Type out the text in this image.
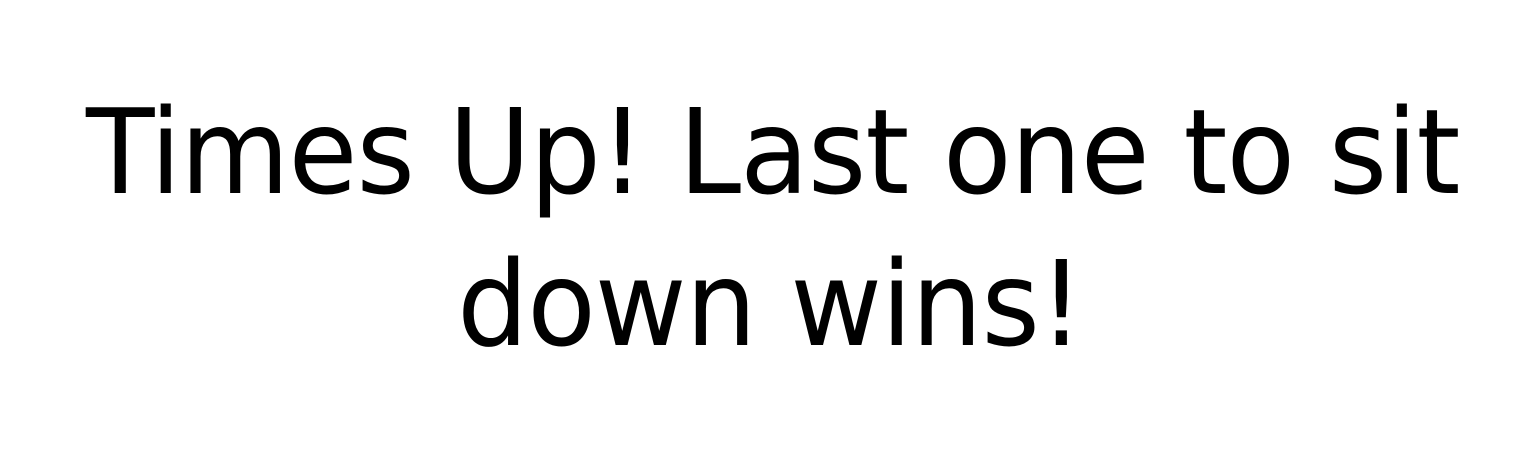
Times Up! Last one to sit
down wins!
